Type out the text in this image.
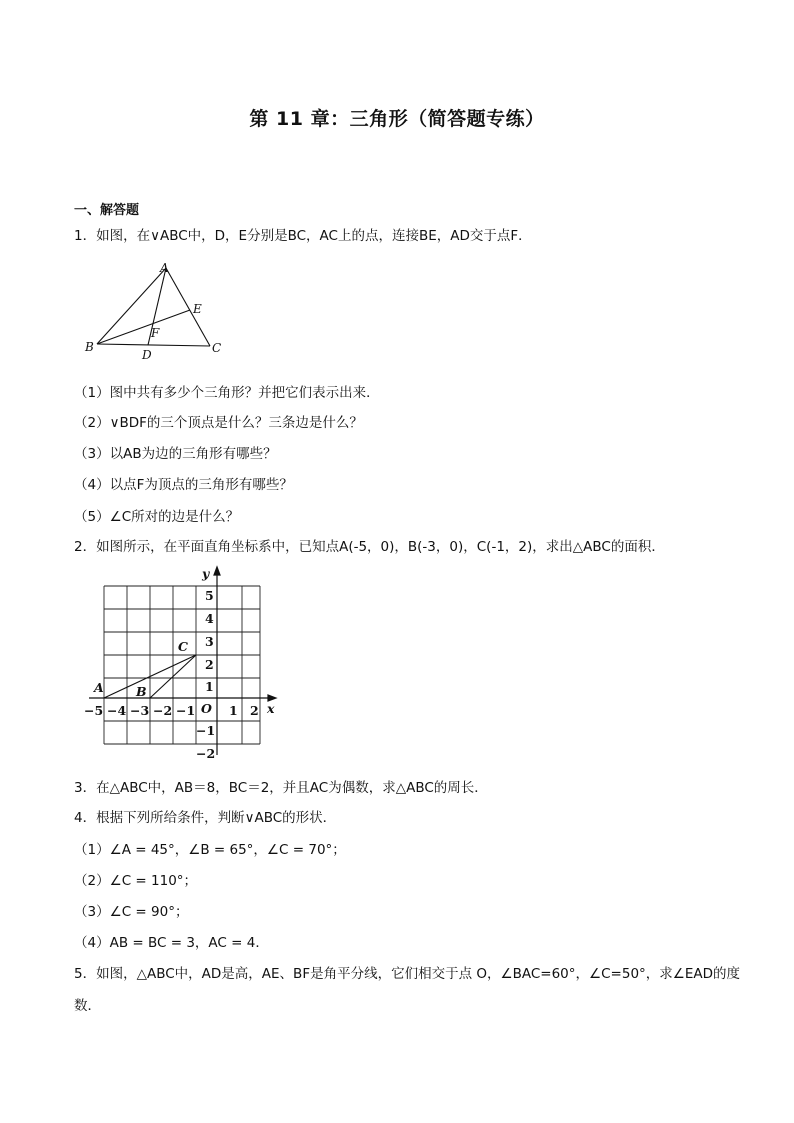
第 11 章：三角形（简答题专练）
一、解答题
1．如图，在∨ABC中，D，E分别是BC，AC上的点，连接BE，AD交于点F．
A
B	C
D
E
F
（1）图中共有多少个三角形？并把它们表示出来．
（2）∨BDF的三个顶点是什么？三条边是什么？
（3）以AB为边的三角形有哪些？
（4）以点F为顶点的三角形有哪些？
（5）∠C所对的边是什么？
2．如图所示，在平面直角坐标系中，已知点A(-5，0)，B(-3，0)，C(-1，2)，求出△ABC的面积．
y
x
O
−5 −4 −3 −2 −1	1 2
5
4
3
2
1
−1
−2
A	B
C
3．在△ABC中，AB＝8，BC＝2，并且AC为偶数，求△ABC的周长．
4．根据下列所给条件，判断∨ABC的形状．
（1）∠A = 45°，∠B = 65°，∠C = 70°；
（2）∠C = 110°；
（3）∠C = 90°；
（4）AB = BC = 3，AC = 4．
5．如图，△ABC中，AD是高，AE、BF是角平分线，它们相交于点 O，∠BAC=60°，∠C=50°，求∠EAD的度
数．
